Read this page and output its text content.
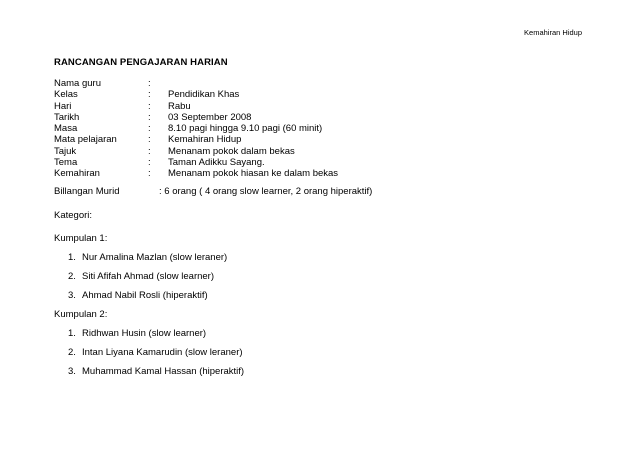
Kemahiran Hidup
RANCANGAN PENGAJARAN HARIAN
Nama guru	:
Kelas	:	Pendidikan Khas
Hari	:	Rabu
Tarikh	:	03 September 2008
Masa	:	8.10 pagi hingga 9.10 pagi (60 minit)
Mata pelajaran	:	Kemahiran Hidup
Tajuk	:	Menanam pokok dalam bekas
Tema	:	Taman Adikku Sayang.
Kemahiran	:	Menanam pokok hiasan ke dalam bekas
Billangan Murid	: 6 orang ( 4 orang slow learner, 2 orang hiperaktif)
Kategori:
Kumpulan 1:
1. Nur Amalina Mazlan (slow leraner)
2. Siti Afifah Ahmad (slow learner)
3. Ahmad Nabil Rosli (hiperaktif)
Kumpulan 2:
1. Ridhwan Husin (slow learner)
2. Intan Liyana Kamarudin (slow leraner)
3. Muhammad Kamal Hassan (hiperaktif)
